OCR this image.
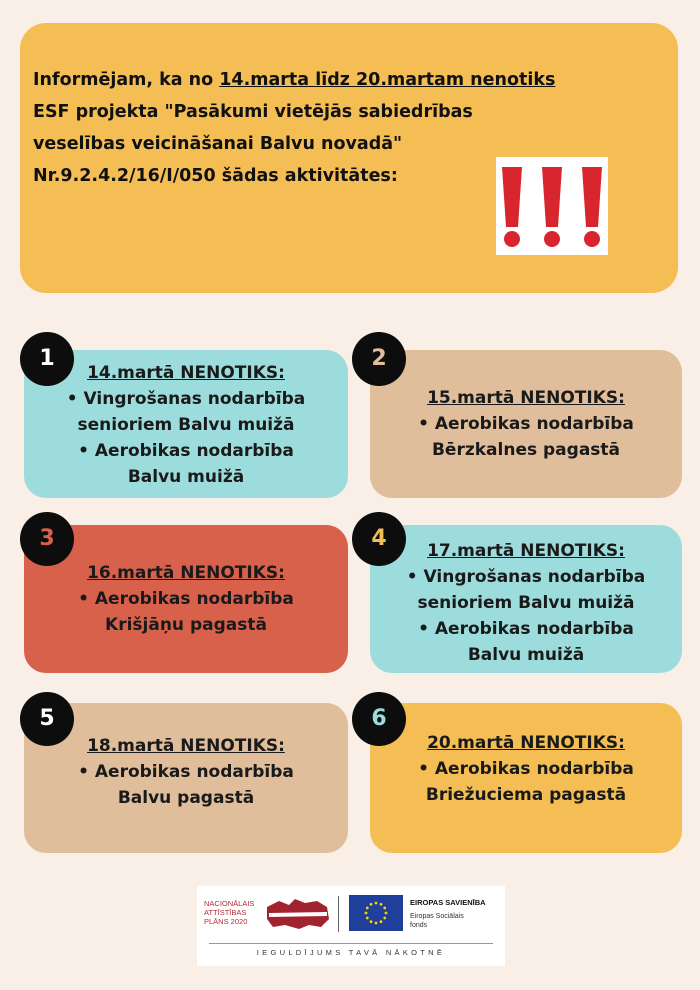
Informējam, ka no 14.marta līdz 20.martam nenotiks
ESF projekta "Pasākumi vietējās sabiedrības
veselības veicināšanai Balvu novadā"
Nr.9.2.4.2/16/I/050 šādas aktivitātes:
14.martā NENOTIKS:
• Vingrošanas nodarbība
senioriem Balvu muižā
• Aerobikas nodarbība
Balvu muižā
1
15.martā NENOTIKS:
• Aerobikas nodarbība
Bērzkalnes pagastā
2
16.martā NENOTIKS:
• Aerobikas nodarbība
Krišjāņu pagastā
3	17.martā NENOTIKS:
• Vingrošanas nodarbība
senioriem Balvu muižā
• Aerobikas nodarbība
Balvu muižā
4
18.martā NENOTIKS:
• Aerobikas nodarbība
Balvu pagastā
5
20.martā NENOTIKS:
• Aerobikas nodarbība
Briežuciema pagastā
6
NACIONĀLAIS
ATTĪSTĪBAS
PLĀNS 2020
EIROPAS SAVIENĪBA
Eiropas Sociālais
fonds
IEGULDĪJUMS TAVĀ NĀKOTNĒ
